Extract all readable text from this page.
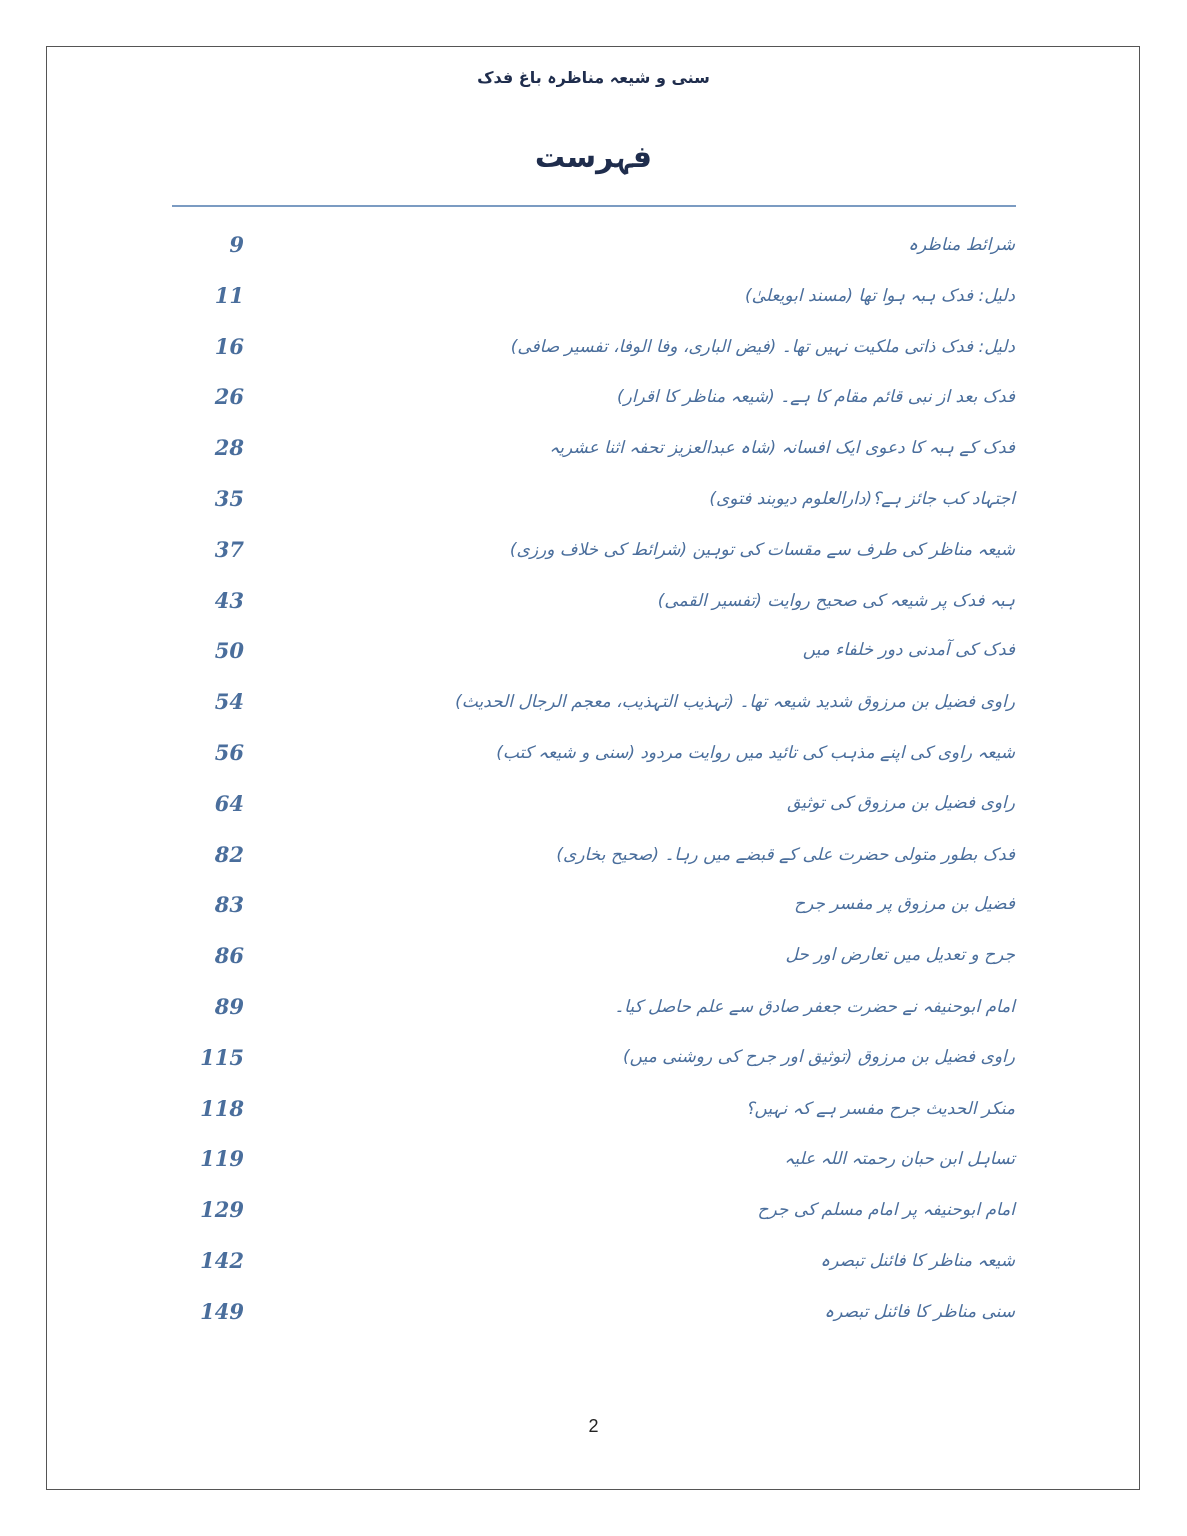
سنی و شیعہ مناظرہ باغ فدک
فہرست
شرائط مناظرہ
9
دلیل: فدک ہبہ ہوا تھا (مسند ابویعلیٰ)
11
دلیل: فدک ذاتی ملکیت نہیں تھا۔ (فیض الباری، وفا الوفا، تفسیر صافی)
16
فدک بعد از نبی قائم مقام کا ہے۔ (شیعہ مناظر کا اقرار)
26
فدک کے ہبہ کا دعوی ایک افسانہ (شاہ عبدالعزیز تحفہ اثنا عشریہ
28
اجتہاد کب جائز ہے؟(دارالعلوم دیوبند فتوی)
35
شیعہ مناظر کی طرف سے مقسات کی توہین (شرائط کی خلاف ورزی)
37
ہبہ فدک پر شیعہ کی صحیح روایت (تفسیر القمی)
43
فدک کی آمدنی دور خلفاء میں
50
راوی فضیل بن مرزوق شدید شیعہ تھا۔ (تہذیب التہذیب، معجم الرجال الحدیث)
54
شیعہ راوی کی اپنے مذہب کی تائید میں روایت مردود (سنی و شیعہ کتب)
56
راوی فضیل بن مرزوق کی توثیق
64
فدک بطور متولی حضرت علی کے قبضے میں رہا۔ (صحیح بخاری)
82
فضیل بن مرزوق پر مفسر جرح
83
جرح و تعدیل میں تعارض اور حل
86
امام ابوحنیفہ نے حضرت جعفر صادق سے علم حاصل کیا۔
89
راوی فضیل بن مرزوق (توثیق اور جرح کی روشنی میں)
115
منکر الحدیث جرح مفسر ہے کہ نہیں؟
118
تساہل ابن حبان رحمتہ اللہ علیہ
119
امام ابوحنیفہ پر امام مسلم کی جرح
129
شیعہ مناظر کا فائنل تبصرہ
142
سنی مناظر کا فائنل تبصرہ
149
2
